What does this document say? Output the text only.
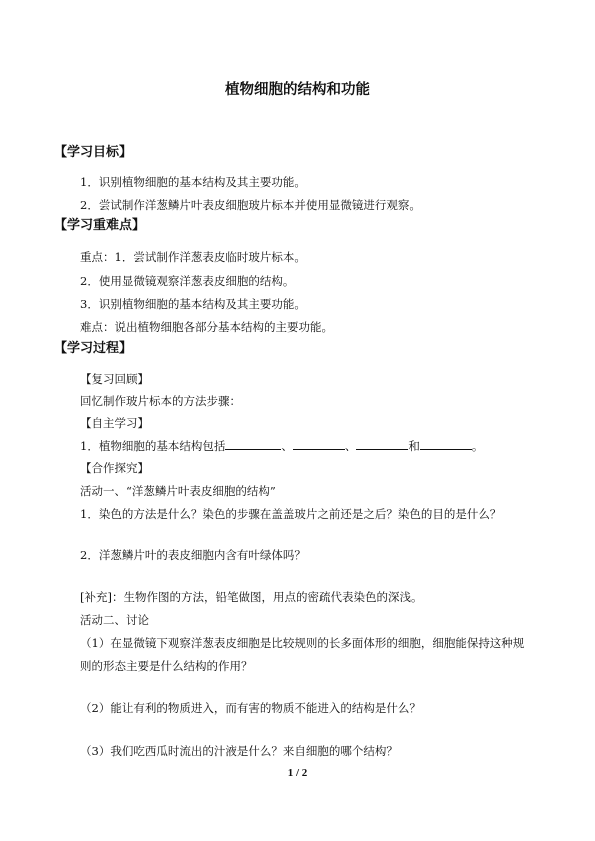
植物细胞的结构和功能
【学习目标】
1．识别植物细胞的基本结构及其主要功能。
2．尝试制作洋葱鳞片叶表皮细胞玻片标本并使用显微镜进行观察。
【学习重难点】
重点：1．尝试制作洋葱表皮临时玻片标本。
2．使用显微镜观察洋葱表皮细胞的结构。
3．识别植物细胞的基本结构及其主要功能。
难点：说出植物细胞各部分基本结构的主要功能。
【学习过程】
【复习回顾】
回忆制作玻片标本的方法步骤：
【自主学习】
1．植物细胞的基本结构包括	、	、	和	。
【合作探究】
活动一、“洋葱鳞片叶表皮细胞的结构”
1．染色的方法是什么？染色的步骤在盖盖玻片之前还是之后？染色的目的是什么？
2．洋葱鳞片叶的表皮细胞内含有叶绿体吗？
[补充]：生物作图的方法，铅笔做图，用点的密疏代表染色的深浅。
活动二、讨论
（1）在显微镜下观察洋葱表皮细胞是比较规则的长多面体形的细胞，细胞能保持这种规
则的形态主要是什么结构的作用？
（2）能让有利的物质进入，而有害的物质不能进入的结构是什么？
（3）我们吃西瓜时流出的汁液是什么？来自细胞的哪个结构？
1 / 2
